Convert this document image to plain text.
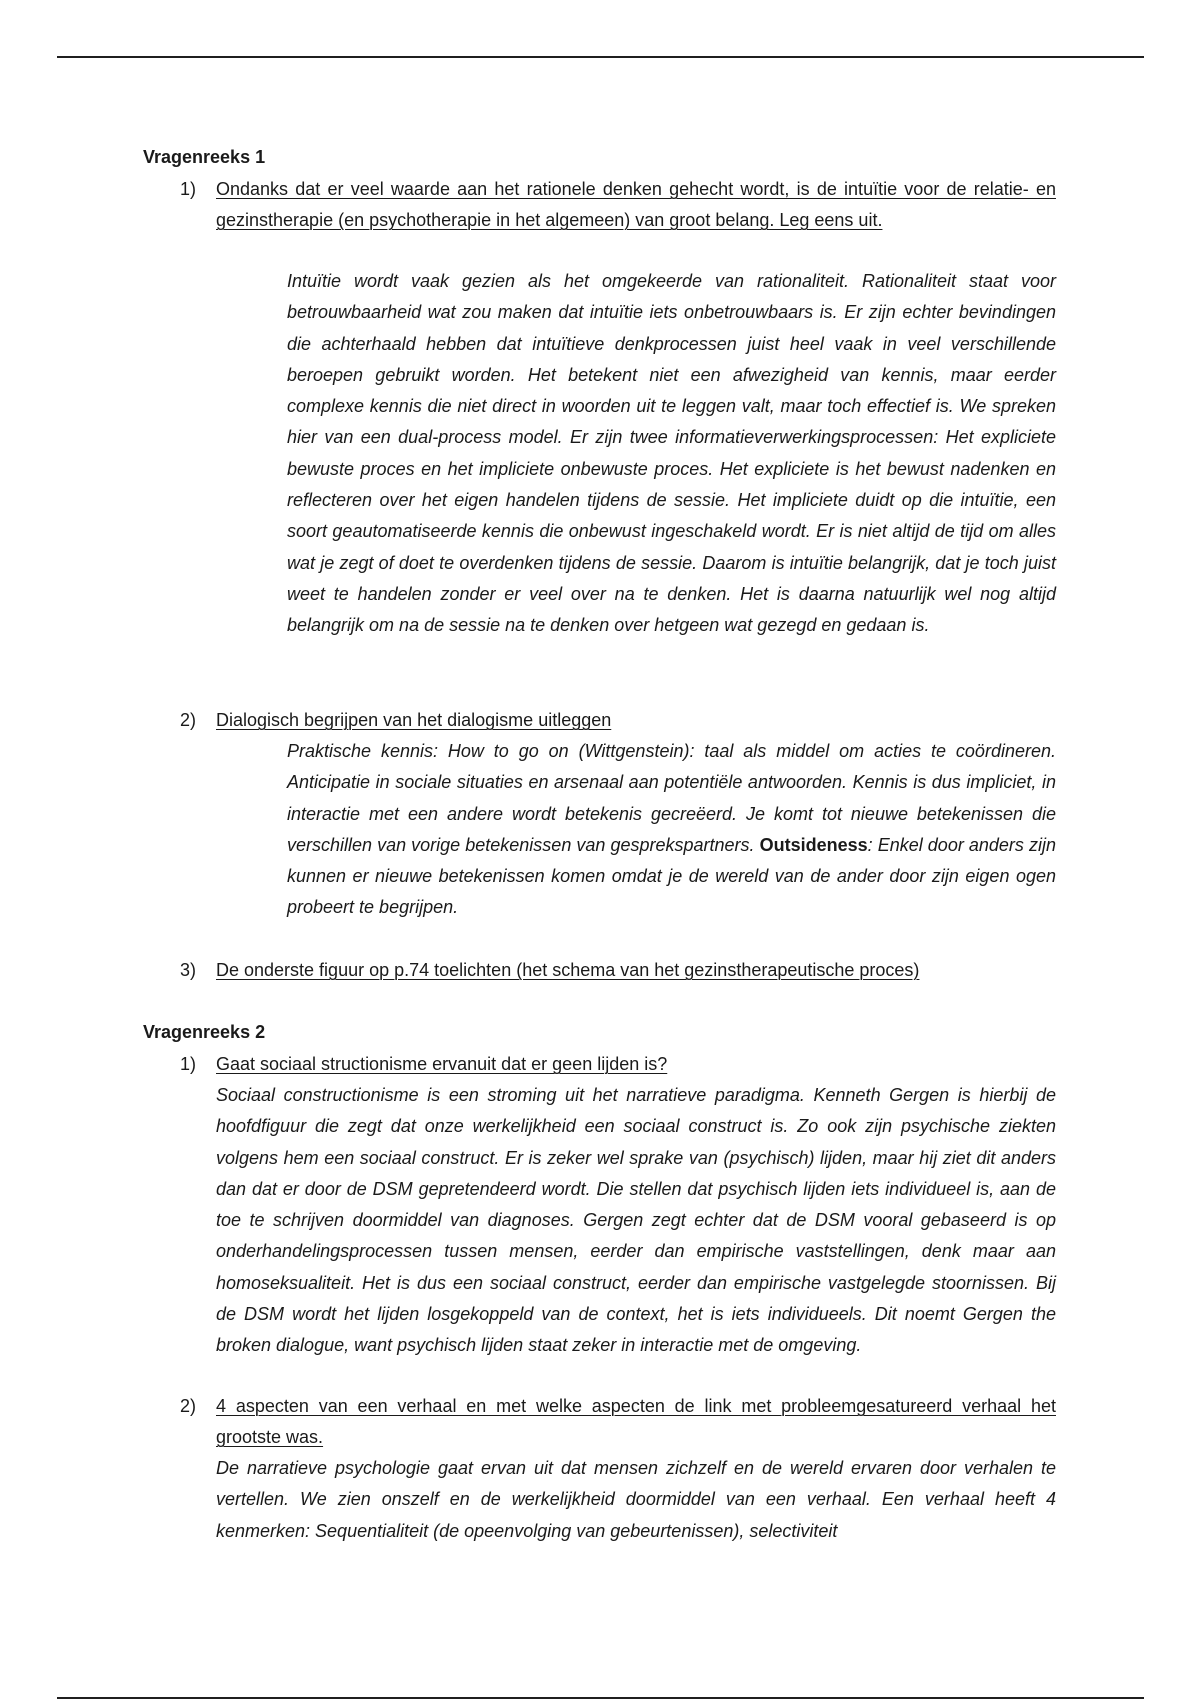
Vragenreeks 1
1) Ondanks dat er veel waarde aan het rationele denken gehecht wordt, is de intuïtie voor de relatie- en gezinstherapie (en psychotherapie in het algemeen) van groot belang. Leg eens uit.
Intuïtie wordt vaak gezien als het omgekeerde van rationaliteit. Rationaliteit staat voor betrouwbaarheid wat zou maken dat intuïtie iets onbetrouwbaars is. Er zijn echter bevindingen die achterhaald hebben dat intuïtieve denkprocessen juist heel vaak in veel verschillende beroepen gebruikt worden. Het betekent niet een afwezigheid van kennis, maar eerder complexe kennis die niet direct in woorden uit te leggen valt, maar toch effectief is. We spreken hier van een dual-process model. Er zijn twee informatieverwerkingsprocessen: Het expliciete bewuste proces en het impliciete onbewuste proces. Het expliciete is het bewust nadenken en reflecteren over het eigen handelen tijdens de sessie. Het impliciete duidt op die intuïtie, een soort geautomatiseerde kennis die onbewust ingeschakeld wordt. Er is niet altijd de tijd om alles wat je zegt of doet te overdenken tijdens de sessie. Daarom is intuïtie belangrijk, dat je toch juist weet te handelen zonder er veel over na te denken. Het is daarna natuurlijk wel nog altijd belangrijk om na de sessie na te denken over hetgeen wat gezegd en gedaan is.
2) Dialogisch begrijpen van het dialogisme uitleggen
Praktische kennis: How to go on (Wittgenstein): taal als middel om acties te coördineren. Anticipatie in sociale situaties en arsenaal aan potentiële antwoorden. Kennis is dus impliciet, in interactie met een andere wordt betekenis gecreëerd. Je komt tot nieuwe betekenissen die verschillen van vorige betekenissen van gesprekspartners. Outsideness: Enkel door anders zijn kunnen er nieuwe betekenissen komen omdat je de wereld van de ander door zijn eigen ogen probeert te begrijpen.
3) De onderste figuur op p.74 toelichten (het schema van het gezinstherapeutische proces)
Vragenreeks 2
1) Gaat sociaal structionisme ervanuit dat er geen lijden is?
Sociaal constructionisme is een stroming uit het narratieve paradigma. Kenneth Gergen is hierbij de hoofdfiguur die zegt dat onze werkelijkheid een sociaal construct is. Zo ook zijn psychische ziekten volgens hem een sociaal construct. Er is zeker wel sprake van (psychisch) lijden, maar hij ziet dit anders dan dat er door de DSM gepretendeerd wordt. Die stellen dat psychisch lijden iets individueel is, aan de toe te schrijven doormiddel van diagnoses. Gergen zegt echter dat de DSM vooral gebaseerd is op onderhandelingsprocessen tussen mensen, eerder dan empirische vaststellingen, denk maar aan homoseksualiteit. Het is dus een sociaal construct, eerder dan empirische vastgelegde stoornissen. Bij de DSM wordt het lijden losgekoppeld van de context, het is iets individueels. Dit noemt Gergen the broken dialogue, want psychisch lijden staat zeker in interactie met de omgeving.
2) 4 aspecten van een verhaal en met welke aspecten de link met probleemgesatureerd verhaal het grootste was.
De narratieve psychologie gaat ervan uit dat mensen zichzelf en de wereld ervaren door verhalen te vertellen. We zien onszelf en de werkelijkheid doormiddel van een verhaal. Een verhaal heeft 4 kenmerken: Sequentialiteit (de opeenvolging van gebeurtenissen), selectiviteit
